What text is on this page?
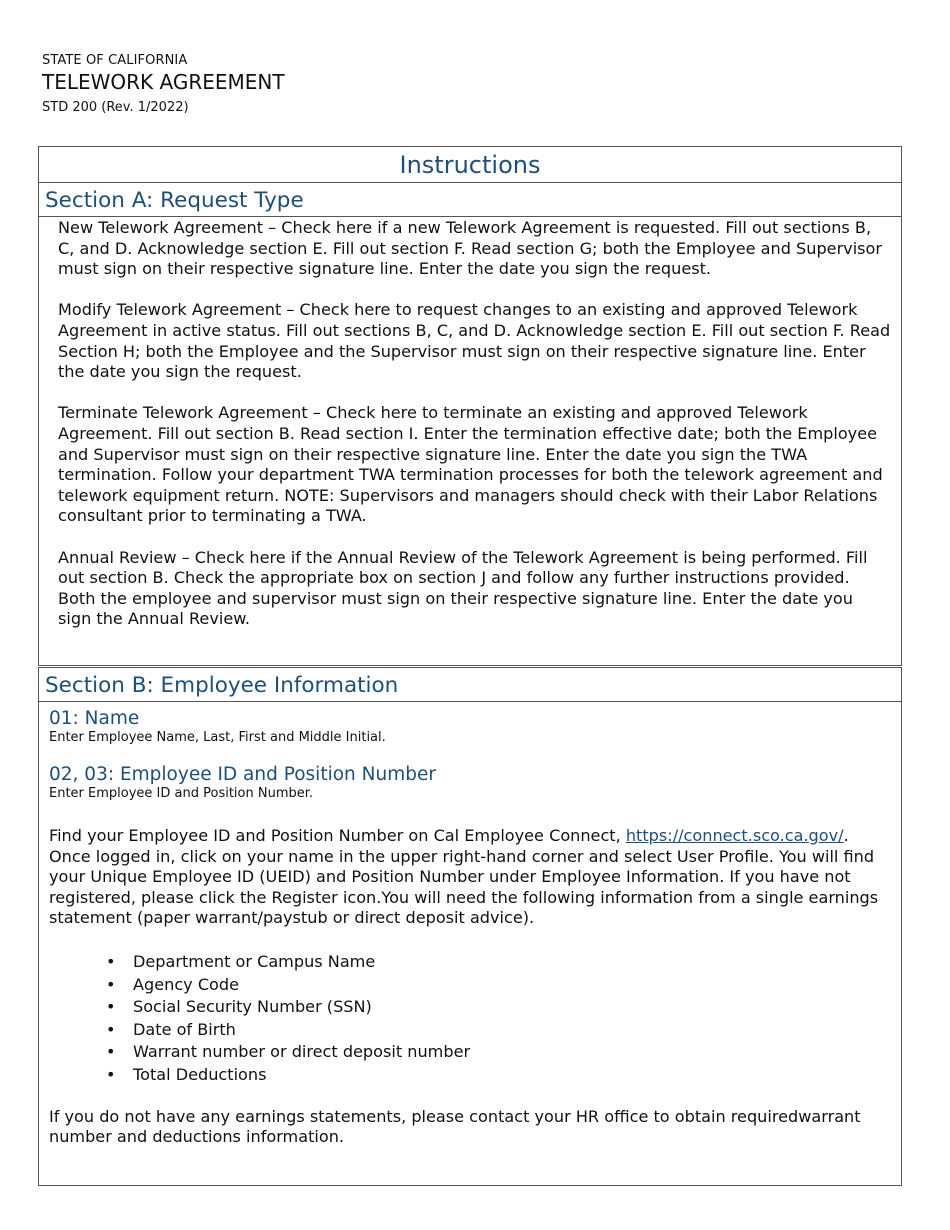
STATE OF CALIFORNIA
TELEWORK AGREEMENT
STD 200 (Rev. 1/2022)
Instructions
Section A: Request Type

New Telework Agreement – Check here if a new Telework Agreement is requested. Fill out sections B, C, and D. Acknowledge section E. Fill out section F. Read section G; both the Employee and Supervisor must sign on their respective signature line. Enter the date you sign the request.

Modify Telework Agreement – Check here to request changes to an existing and approved Telework Agreement in active status. Fill out sections B, C, and D. Acknowledge section E. Fill out section F. Read Section H; both the Employee and the Supervisor must sign on their respective signature line. Enter the date you sign the request.

Terminate Telework Agreement – Check here to terminate an existing and approved Telework Agreement. Fill out section B. Read section I. Enter the termination effective date; both the Employee and Supervisor must sign on their respective signature line. Enter the date you sign the TWA termination. Follow your department TWA termination processes for both the telework agreement and telework equipment return. NOTE: Supervisors and managers should check with their Labor Relations consultant prior to terminating a TWA.

Annual Review – Check here if the Annual Review of the Telework Agreement is being performed. Fill out section B. Check the appropriate box on section J and follow any further instructions provided. Both the employee and supervisor must sign on their respective signature line. Enter the date you sign the Annual Review.

Section B: Employee Information
01: Name
Enter Employee Name, Last, First and Middle Initial.
02, 03: Employee ID and Position Number
Enter Employee ID and Position Number.
Find your Employee ID and Position Number on Cal Employee Connect, https://connect.sco.ca.gov/. Once logged in, click on your name in the upper right-hand corner and select User Profile. You will find your Unique Employee ID (UEID) and Position Number under Employee Information. If you have not registered, please click the Register icon.You will need the following information from a single earnings statement (paper warrant/paystub or direct deposit advice).
• Department or Campus Name
• Agency Code
• Social Security Number (SSN)
• Date of Birth
• Warrant number or direct deposit number
• Total Deductions
If you do not have any earnings statements, please contact your HR office to obtain requiredwarrant number and deductions information.
